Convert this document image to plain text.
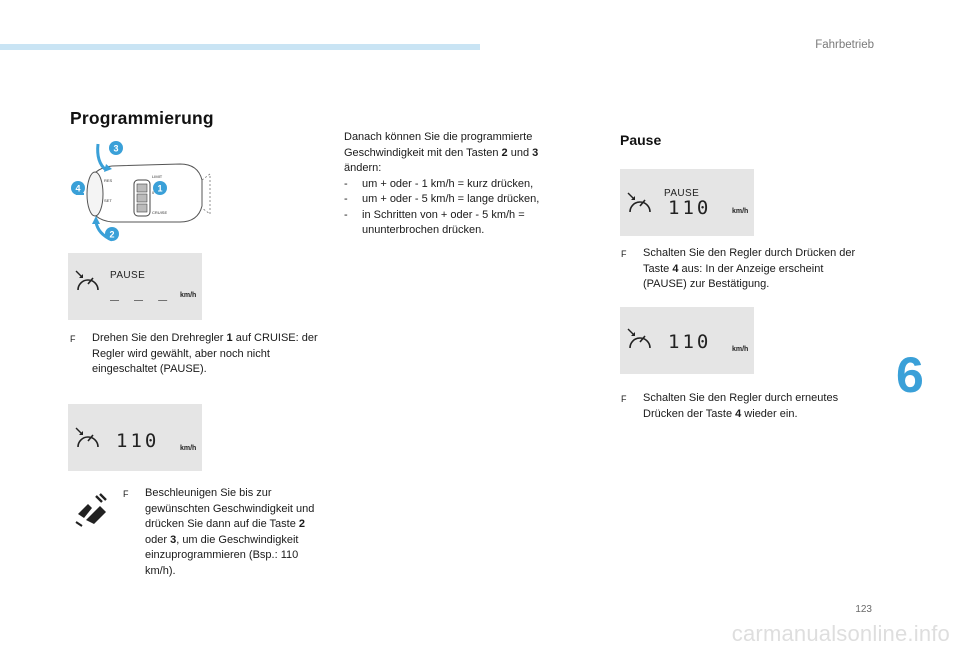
Fahrbetrieb
Programmierung
LIMIT
RES
SET
CRUISE
0
3
4	1
2
PAUSE
_ _ _ km/h
F	Drehen Sie den Drehregler 1 auf CRUISE: der Regler wird gewählt, aber noch nicht eingeschaltet (PAUSE).
110	km/h
F	Beschleunigen Sie bis zur gewünschten Geschwindigkeit und drücken Sie dann auf die Taste 2 oder 3, um die Geschwindigkeit einzuprogrammieren (Bsp.: 110 km/h).

Danach können Sie die programmierte Geschwindigkeit mit den Tasten 2 und 3 ändern:

-	um + oder - 1 km/h = kurz drücken,
-	um + oder - 5 km/h = lange drücken,
-	in Schritten von + oder - 5 km/h = ununterbrochen drücken.
Pause
PAUSE
110	km/h
F	Schalten Sie den Regler durch Drücken der Taste 4 aus: In der Anzeige erscheint (PAUSE) zur Bestätigung.
110	km/h
F	Schalten Sie den Regler durch erneutes Drücken der Taste 4 wieder ein.
6
123
carmanualsonline.info
